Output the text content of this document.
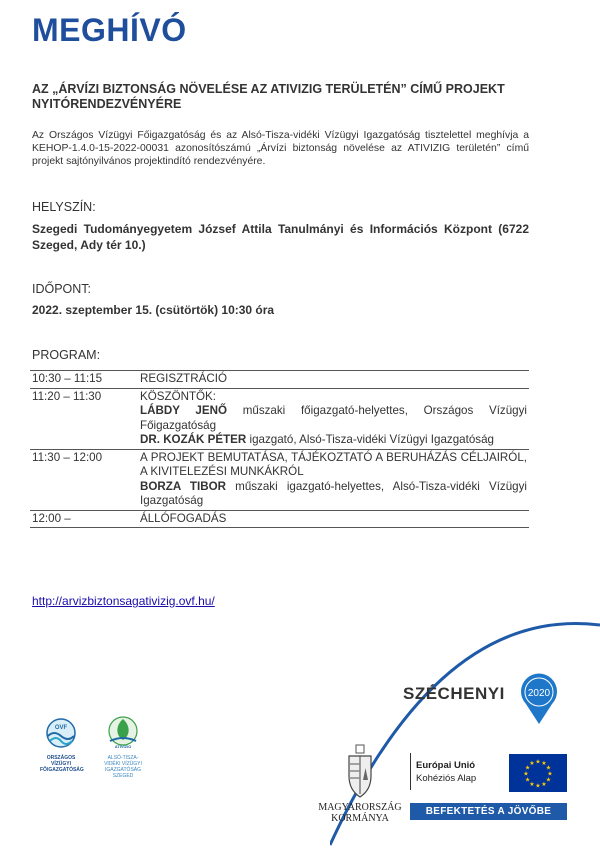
MEGHÍVÓ
AZ „ÁRVÍZI BIZTONSÁG NÖVELÉSE AZ ATIVIZIG TERÜLETÉN” CÍMŰ PROJEKT NYITÓRENDEZVÉNYÉRE
Az Országos Vízügyi Főigazgatóság és az Alsó-Tisza-vidéki Vízügyi Igazgatóság tisztelettel meghívja a KEHOP-1.4.0-15-2022-00031 azonosítószámú „Árvízi biztonság növelése az ATIVIZIG területén” című projekt sajtónyilvános projektindító rendezvényére.
HELYSZÍN:
Szegedi Tudományegyetem József Attila Tanulmányi és Információs Központ (6722 Szeged, Ady tér 10.)
IDŐPONT:
2022. szeptember 15. (csütörtök) 10:30 óra
PROGRAM:
10:30 – 11:15	REGISZTRÁCIÓ
11:20 – 11:30	KÖSZÖNTŐK:
LÁBDY JENŐ műszaki főigazgató-helyettes, Országos Vízügyi Főigazgatóság
DR. KOZÁK PÉTER igazgató, Alsó-Tisza-vidéki Vízügyi Igazgatóság

11:30 – 12:00	A PROJEKT BEMUTATÁSA, TÁJÉKOZTATÓ A BERUHÁZÁS CÉLJAIRÓL, A KIVITELEZÉSI MUNKÁKRÓL
BORZA TIBOR műszaki igazgató-helyettes, Alsó-Tisza-vidéki Vízügyi Igazgatóság

12:00 –	ÁLLÓFOGADÁS
http://arvizbiztonsagativizig.ovf.hu/
OVF
ORSZÁGOS VÍZÜGYI FŐIGAZGATÓSÁG
ATIVIZIG
ALSÓ-TISZA-VIDÉKI VÍZÜGYI IGAZGATÓSÁG SZEGED
SZÉCHENYI 2020
MAGYARORSZÁG
KORMÁNYA
Európai Unió
Kohéziós Alap	★
★
★
★
★
★
★
★
★ ★ ★
★
BEFEKTETÉS A JÖVŐBE
